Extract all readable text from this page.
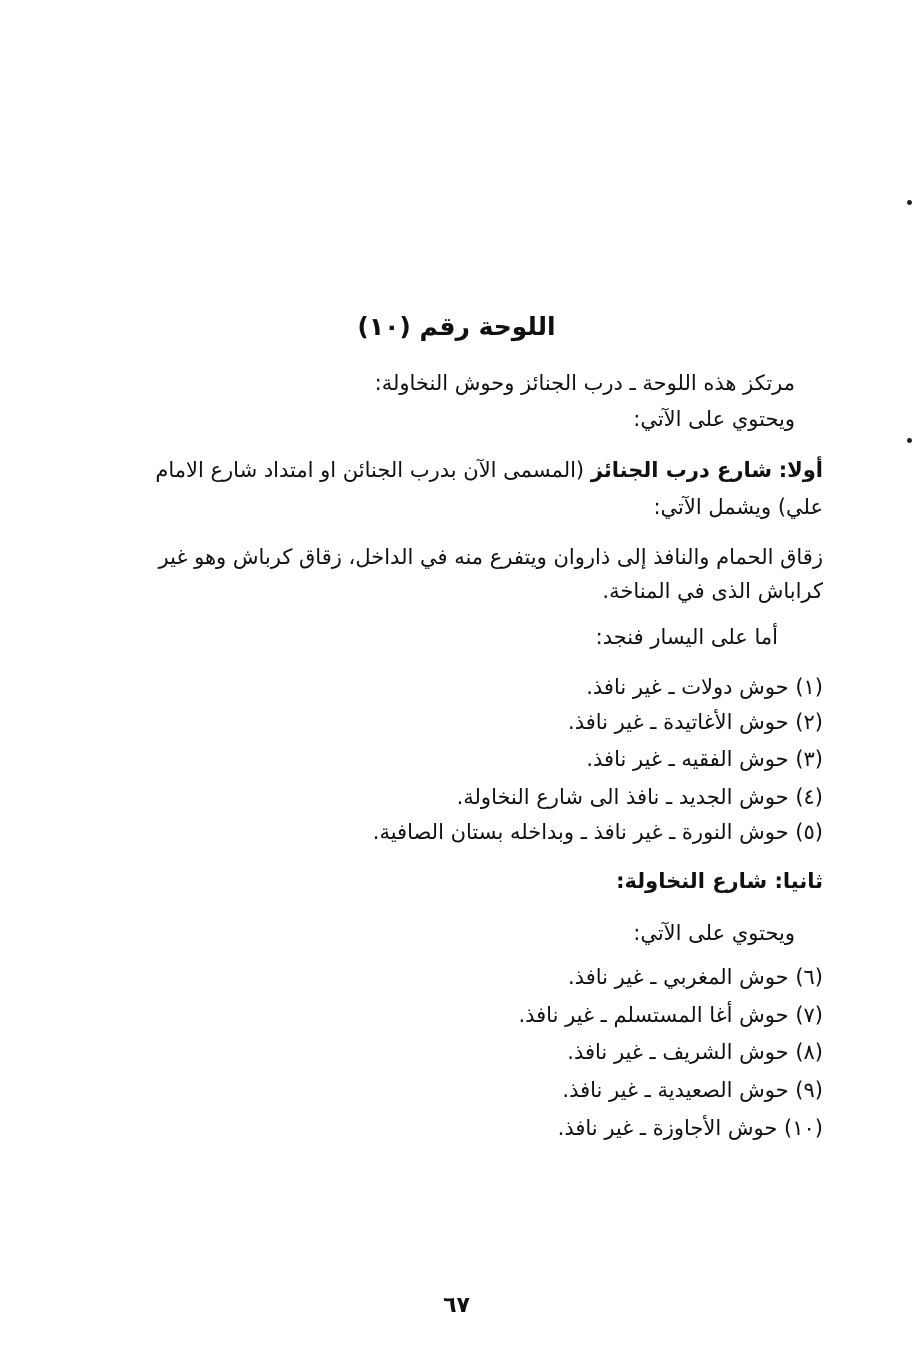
اللوحة رقم (١٠)
مرتكز هذه اللوحة ـ درب الجنائز وحوش النخاولة:
ويحتوي على الآتي:
أولا: شارع درب الجنائز (المسمى الآن بدرب الجنائن او امتداد شارع الامام
علي) ويشمل الآتي:
زقاق الحمام والنافذ إلى ذاروان ويتفرع منه في الداخل، زقاق كرباش وهو غير
كراباش الذى في المناخة.
أما على اليسار فنجد:
(١) حوش دولات ـ غير نافذ.
(٢) حوش الأغاتيدة ـ غير نافذ.
(٣) حوش الفقيه ـ غير نافذ.
(٤) حوش الجديد ـ نافذ الى شارع النخاولة.
(٥) حوش النورة ـ غير نافذ ـ وبداخله بستان الصافية.
ثانيا: شارع النخاولة:
ويحتوي على الآتي:
(٦) حوش المغربي ـ غير نافذ.
(٧) حوش أغا المستسلم ـ غير نافذ.
(٨) حوش الشريف ـ غير نافذ.
(٩) حوش الصعيدية ـ غير نافذ.
(١٠) حوش الأجاوزة ـ غير نافذ.
٦٧
